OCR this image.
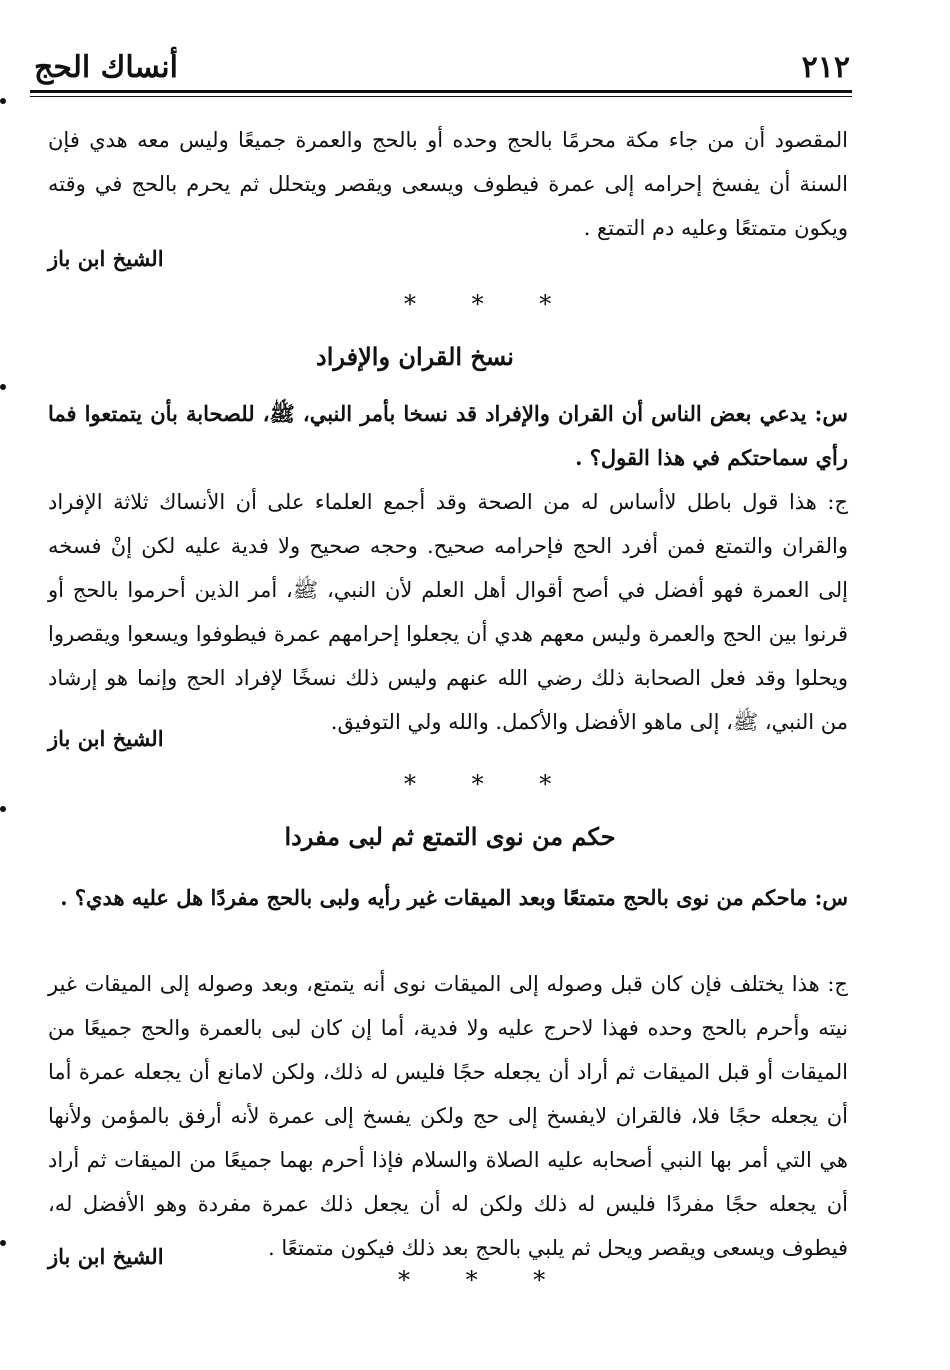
٢١٢
أنساك الحج
المقصود أن من جاء مكة محرمًا بالحج وحده أو بالحج والعمرة جميعًا وليس معه هدي فإن السنة أن يفسخ إحرامه إلى عمرة فيطوف ويسعى ويقصر ويتحلل ثم يحرم بالحج في وقته ويكون متمتعًا وعليه دم التمتع .
الشيخ ابن باز
* * *
نسخ القران والإفراد
س: يدعي بعض الناس أن القران والإفراد قد نسخا بأمر النبي، ﷺ، للصحابة بأن يتمتعوا فما رأي سماحتكم في هذا القول؟ .
ج: هذا قول باطل لاأساس له من الصحة وقد أجمع العلماء على أن الأنساك ثلاثة الإفراد والقران والتمتع فمن أفرد الحج فإحرامه صحيح. وحجه صحيح ولا فدية عليه لكن إنْ فسخه إلى العمرة فهو أفضل في أصح أقوال أهل العلم لأن النبي، ﷺ، أمر الذين أحرموا بالحج أو قرنوا بين الحج والعمرة وليس معهم هدي أن يجعلوا إحرامهم عمرة فيطوفوا ويسعوا ويقصروا ويحلوا وقد فعل الصحابة ذلك رضي الله عنهم وليس ذلك نسخًا لإفراد الحج وإنما هو إرشاد من النبي، ﷺ، إلى ماهو الأفضل والأكمل. والله ولي التوفيق.
الشيخ ابن باز
* * *
حكم من نوى التمتع ثم لبى مفردا
س: ماحكم من نوى بالحج متمتعًا وبعد الميقات غير رأيه ولبى بالحج مفردًا هل عليه هدي؟ .
ج: هذا يختلف فإن كان قبل وصوله إلى الميقات نوى أنه يتمتع، وبعد وصوله إلى الميقات غير نيته وأحرم بالحج وحده فهذا لاحرج عليه ولا فدية، أما إن كان لبى بالعمرة والحج جميعًا من الميقات أو قبل الميقات ثم أراد أن يجعله حجًا فليس له ذلك، ولكن لامانع أن يجعله عمرة أما أن يجعله حجًا فلا، فالقران لايفسخ إلى حج ولكن يفسخ إلى عمرة لأنه أرفق بالمؤمن ولأنها هي التي أمر بها النبي أصحابه عليه الصلاة والسلام فإذا أحرم بهما جميعًا من الميقات ثم أراد أن يجعله حجًا مفردًا فليس له ذلك ولكن له أن يجعل ذلك عمرة مفردة وهو الأفضل له، فيطوف ويسعى ويقصر ويحل ثم يلبي بالحج بعد ذلك فيكون متمتعًا .
الشيخ ابن باز
* * *
